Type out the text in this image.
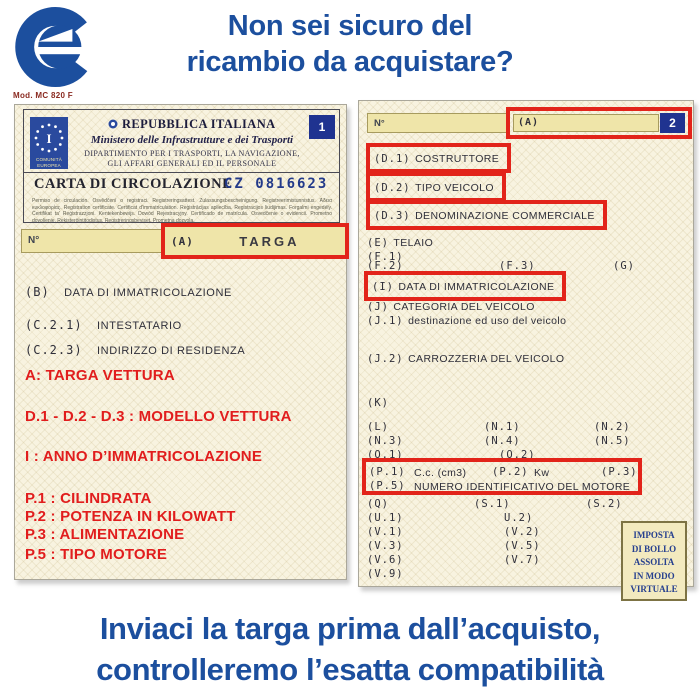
Non sei sicuro del
ricambio da acquistare?
Mod. MC 820 F
I
COMUNITÀ
EUROPEA
REPUBBLICA ITALIANA
Ministero delle Infrastrutture e dei Trasporti
DIPARTIMENTO PER I TRASPORTI, LA NAVIGAZIONE,
GLI AFFARI GENERALI ED IL PERSONALE
1
CARTA DI CIRCOLAZIONE
CZ 0816623
Permiso de circulación. Osvědčení o registraci. Registreringsattest. Zulassungsbescheinigung. Registreerimistunnistus. Άδεια κυκλοφορίας. Registration certificate. Certificat d'immatriculation. Reģistrācijas apliecība. Registracijos liudijimas. Forgalmi engedély. Ċertifikat ta' Reġistrazzjoni. Kentekenbewijs. Dowód Rejestracyjny. Certificado de matrícula. Osvedčenie o evidencii. Prometno dovoljenje. Rekisteröintitodistus. Registreringsbeviset. Prometna dozvola.
N°	(A)	TARGA
(B) DATA DI IMMATRICOLAZIONE
(C.2.1) INTESTATARIO
(C.2.3) INDIRIZZO DI RESIDENZA
A: TARGA VETTURA
D.1 - D.2 - D.3 : MODELLO VETTURA
I : ANNO D’IMMATRICOLAZIONE
P.1 : CILINDRATA
P.2 : POTENZA IN KILOWATT
P.3 : ALIMENTAZIONE
P.5 : TIPO MOTORE
N°	(A)	2
(D.1) COSTRUTTORE
(D.2) TIPO VEICOLO
(D.3) DENOMINAZIONE COMMERCIALE
(E) TELAIO
(F.1)
(F.2)	(F.3)	(G)
(I) DATA DI IMMATRICOLAZIONE
(J) CATEGORIA DEL VEICOLO
(J.1) destinazione ed uso del veicolo
(J.2) CARROZZERIA DEL VEICOLO
(K)
(L)	(N.1)	(N.2)
(N.3)	(N.4)	(N.5)
(O.1)	(O.2)
(P.1) C.c. (cm3) (P.2) Kw	(P.3)
(P.5) NUMERO IDENTIFICATIVO DEL MOTORE
(Q)	(S.1)	(S.2)
(U.1)	U.2)
(V.1)	(V.2)
(V.3)	(V.5)
(V.6)	(V.7)
(V.9)
IMPOSTA
DI BOLLO
ASSOLTA
IN MODO
VIRTUALE
Inviaci la targa prima dall’acquisto,
controlleremo l’esatta compatibilità
